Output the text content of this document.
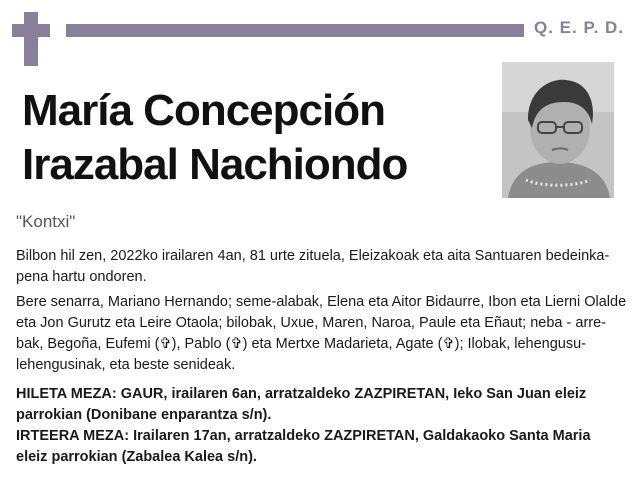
Q. E. P. D.
María Concepción
Irazabal Nachiondo
"Kontxi"
Bilbon hil zen, 2022ko irailaren 4an, 81 urte zituela, Eleizakoak eta aita Santuaren bedeinka-
pena hartu ondoren.
Bere senarra, Mariano Hernando; seme-alabak, Elena eta Aitor Bidaurre, Ibon eta Lierni Olalde
eta Jon Gurutz eta Leire Otaola; bilobak, Uxue, Maren, Naroa, Paule eta Eñaut; neba - arre-
bak, Begoña, Eufemi (✞), Pablo (✞) eta Mertxe Madarieta, Agate (✞); Ilobak, lehengusu-
lehengusinak, eta beste senideak.
HILETA MEZA: GAUR, irailaren 6an, arratzaldeko ZAZPIRETAN, Ieko San Juan eleiz
parrokian (Donibane enparantza s/n).
IRTEERA MEZA: Irailaren 17an, arratzaldeko ZAZPIRETAN, Galdakaoko Santa Maria
eleiz parrokian (Zabalea Kalea s/n).
